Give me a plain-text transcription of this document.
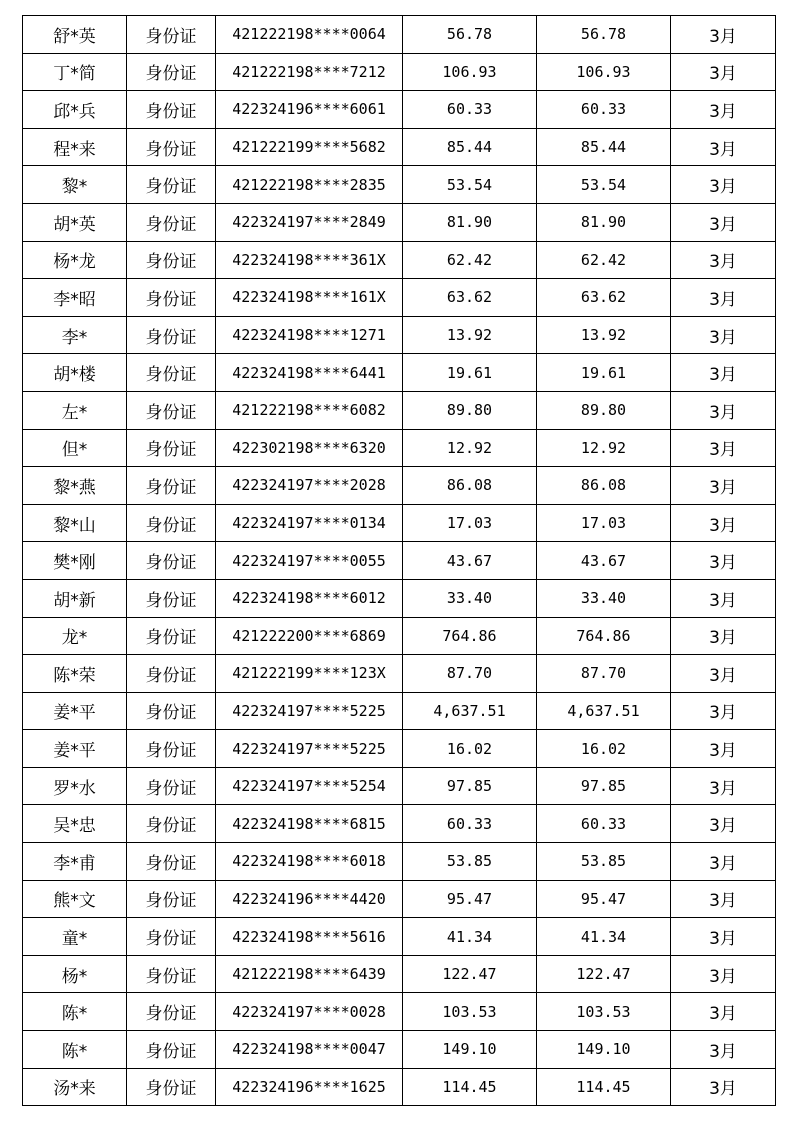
舒*英	身份证	421222198****0064	56.78	56.78	3月
丁*简	身份证	421222198****7212	106.93	106.93	3月
邱*兵	身份证	422324196****6061	60.33	60.33	3月
程*来	身份证	421222199****5682	85.44	85.44	3月
黎*	身份证	421222198****2835	53.54	53.54	3月
胡*英	身份证	422324197****2849	81.90	81.90	3月
杨*龙	身份证	422324198****361X	62.42	62.42	3月
李*昭	身份证	422324198****161X	63.62	63.62	3月
李*	身份证	422324198****1271	13.92	13.92	3月
胡*楼	身份证	422324198****6441	19.61	19.61	3月
左*	身份证	421222198****6082	89.80	89.80	3月
但*	身份证	422302198****6320	12.92	12.92	3月
黎*燕	身份证	422324197****2028	86.08	86.08	3月
黎*山	身份证	422324197****0134	17.03	17.03	3月
樊*刚	身份证	422324197****0055	43.67	43.67	3月
胡*新	身份证	422324198****6012	33.40	33.40	3月
龙*	身份证	421222200****6869	764.86	764.86	3月
陈*荣	身份证	421222199****123X	87.70	87.70	3月
姜*平	身份证	422324197****5225	4,637.51	4,637.51	3月
姜*平	身份证	422324197****5225	16.02	16.02	3月
罗*水	身份证	422324197****5254	97.85	97.85	3月
吴*忠	身份证	422324198****6815	60.33	60.33	3月
李*甫	身份证	422324198****6018	53.85	53.85	3月
熊*文	身份证	422324196****4420	95.47	95.47	3月
童*	身份证	422324198****5616	41.34	41.34	3月
杨*	身份证	421222198****6439	122.47	122.47	3月
陈*	身份证	422324197****0028	103.53	103.53	3月
陈*	身份证	422324198****0047	149.10	149.10	3月
汤*来	身份证	422324196****1625	114.45	114.45	3月
